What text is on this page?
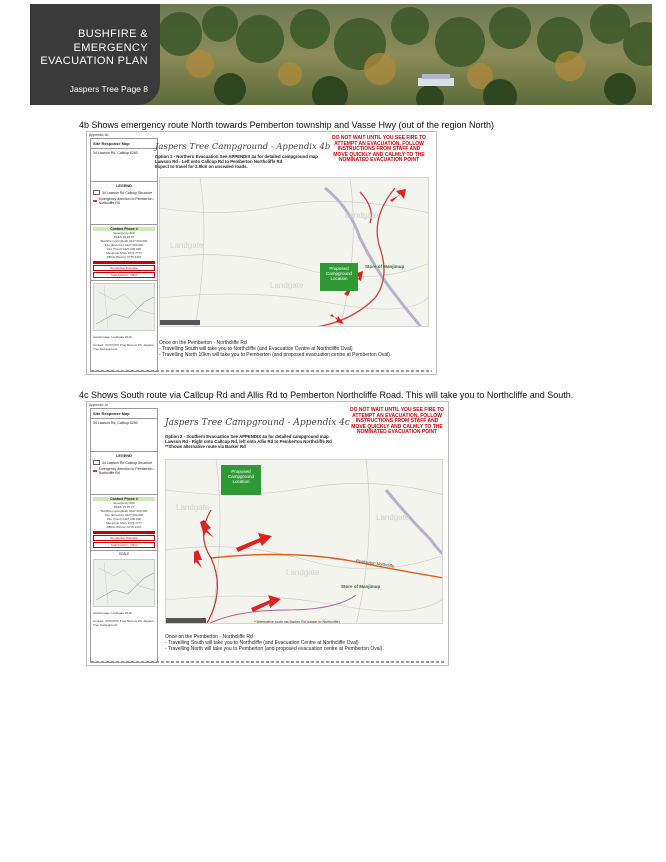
BUSHFIRE &
EMERGENCY
EVACUATION PLAN
Jaspers Tree Page 8
4b Shows emergency route North towards Pemberton township and Vasse Hwy (out of the region North)
Appendix 4b
Site Response Map
34 Lawson Rd, Callcup 6260
LEGEND
34 Lawson Rd Callcup Structure
Emergency direction to Pemberton - Northcliffe Rd
Contact Phone #
Emergency 000
DFES 13 33 37
Bushfire (springfield) 0427 000 000
Fire (Emerton) 0427 000 000
Fire (Trent) 0427 000 000
Manjimup Shire 9771 7777
DBCA (Perion) 9776 1207
Pemberton Townsite
Total Control - 10km
Aerial Image: Landgate 2019
Contact: XXXXXXX Prue Bevens Ph: Jaspers Tree Campground
Jaspers Tree Campground - Appendix 4b
Option 1 - Northern Evacuation See APPENDIX 4a for detailed campground map
Lawson Rd - Left onto Callcup Rd to Pemberton Northcliffe Rd
Expect to travel for 2.9km on unsealed roads.
DO NOT WAIT UNTIL YOU SEE FIRE TO ATTEMPT AN EVACUATION. FOLLOW INSTRUCTIONS FROM STAFF AND MOVE QUICKLY AND CALMLY TO THE NOMINATED EVACUATION POINT
Landgate
Landgate
Landgate
Store of Manjimup
Proposed Campground Location
Once on the Pemberton - Northcliffe Rd
- Travelling South will take you to Northcliffe (and Evacuation Centre at Northcliffe Oval)
- Travelling North 10km will take you to Pemberton (and proposed evacuation centre at Pemberton Oval).
4c Shows South route via Callcup Rd and Allis Rd to Pemberton Northcliffe Road. This will take you to Northcliffe and South.
Appendix 4c
Site Response Map
34 Lawson Rd, Callcup 6260
LEGEND
34 Lawson Rd Callcup Structure
Emergency direction to Pemberton - Northcliffe Rd
Contact Phone #
Emergency 000
DFES 13 33 37
Bushfire (springfield) 0427 000 000
Fire (Emerton) 0427 000 000
Fire (Trent) 0427 000 000
Manjimup Shire 9771 7777
DBCA (Perion) 9776 1207
Pemberton Townsite
Total Control - 10km
SCALE
Aerial Image: Landgate 2019
Contact: XXXXXXX Prue Bevens Ph: Jaspers Tree Campground
Jaspers Tree Campground - Appendix 4c
Option 2 - Southern Evacuation See APPENDIX 4a for detailed campground map.
Lawson Rd - Right onto Callcup Rd, left onto Allis Rd to Pemberton Northcliffe Rd
**Shows alternative route via Barker Rd
DO NOT WAIT UNTIL YOU SEE FIRE TO ATTEMPT AN EVACUATION. FOLLOW INSTRUCTIONS FROM STAFF AND MOVE QUICKLY AND CALMLY TO THE NOMINATED EVACUATION POINT
Landgate
Landgate
Landgate
Pemberton Northcliffe
Store of Manjimup
**Alternative route via Barker Rd (closer to Northcliffe)
Proposed Campground Location
Once on the Pemberton - Northcliffe Rd
- Travelling South will take you to Northcliffe (and Evacuation Centre at Northcliffe Oval)
- Travelling North will take you to Pemberton (and proposed evacuation centre at Pemberton Oval).
